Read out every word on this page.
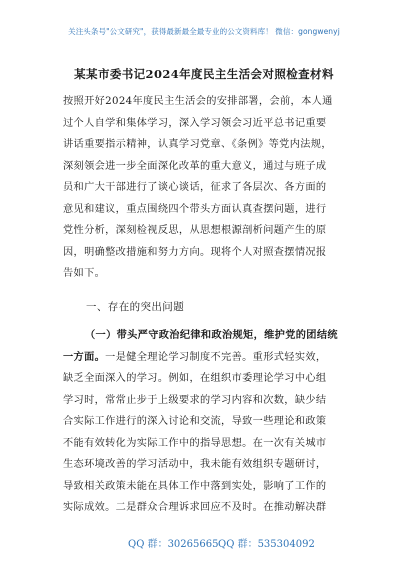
关注头条号"公文研究"，获得最新最全最专业的公文资料库！ 微信：gongwenyj
某某市委书记2024年度民主生活会对照检查材料
按照开好2024年度民主生活会的安排部署，会前，本人通
过个人自学和集体学习，深入学习领会习近平总书记重要
讲话重要指示精神，认真学习党章、《条例》等党内法规，
深刻领会进一步全面深化改革的重大意义，通过与班子成
员和广大干部进行了谈心谈话，征求了各层次、各方面的
意见和建议，重点围绕四个带头方面认真查摆问题，进行
党性分析，深刻检视反思，从思想根源剖析问题产生的原
因，明确整改措施和努力方向。现将个人对照查摆情况报
告如下。
一、存在的突出问题
（一）带头严守政治纪律和政治规矩，维护党的团结统
一方面。一是健全理论学习制度不完善。重形式轻实效，
缺乏全面深入的学习。例如，在组织市委理论学习中心组
学习时，常常止步于上级要求的学习内容和次数，缺少结
合实际工作进行的深入讨论和交流，导致一些理论和政策
不能有效转化为实际工作中的指导思想。在一次有关城市
生态环境改善的学习活动中，我未能有效组织专题研讨，
导致相关政策未能在具体工作中落到实处，影响了工作的
实际成效。二是群众合理诉求回应不及时。在推动解决群
QQ 群：30265665 QQ 群：535304092
